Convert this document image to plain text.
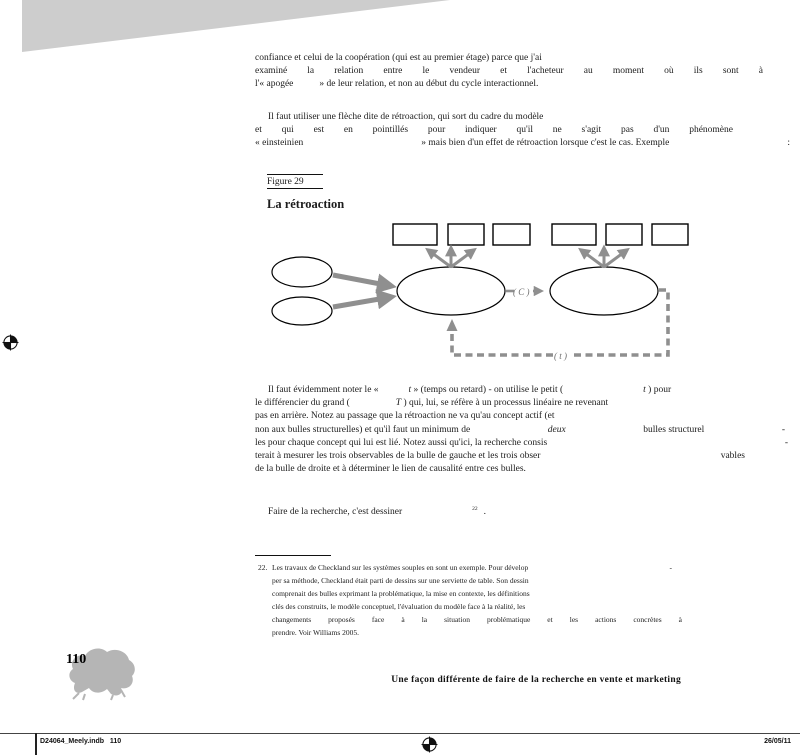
confiance et celui de la coopération (qui est au premier étage) parce que j'ai
examiné la relation entre le vendeur et l'acheteur au moment où ils sont à
l'« apogée	» de leur relation, et non au début du cycle interactionnel.
Il faut utiliser une flèche dite de rétroaction, qui sort du cadre du modèle
et qui est en pointillés pour indiquer qu'il ne s'agit pas d'un phénomène
« einsteinien	» mais bien d'un effet de rétroaction lorsque c'est le cas. Exemple	:
Figure 29
La rétroaction
( C )
( t )
Il faut évidemment noter le «	t » (temps ou retard) - on utilise le petit (	t ) pour
le différencier du grand (	T ) qui, lui, se réfère à un processus linéaire ne revenant
pas en arrière. Notez au passage que la rétroaction ne va qu'au concept actif (et
non aux bulles structurelles) et qu'il faut un minimum de	deux	bulles structurel	-
les pour chaque concept qui lui est lié. Notez aussi qu'ici, la recherche consis	-
terait à mesurer les trois observables de la bulle de gauche et les trois obser	vables
de la bulle de droite et à déterminer le lien de causalité entre ces bulles.
Faire de la recherche, c'est dessiner	$^{22}$ .
22. Les travaux de Checkland sur les systèmes souples en sont un exemple. Pour dévelop	-
per sa méthode, Checkland était parti de dessins sur une serviette de table. Son dessin
comprenait des bulles exprimant la problématique, la mise en contexte, les définitions
clés des construits, le modèle conceptuel, l'évaluation du modèle face à la réalité, les
changements proposés face à la situation problématique et les actions concrètes à
prendre. Voir Williams 2005.
110
Une façon différente de faire de la recherche en vente et marketing
D24064_Meely.indb   110	26/05/11
